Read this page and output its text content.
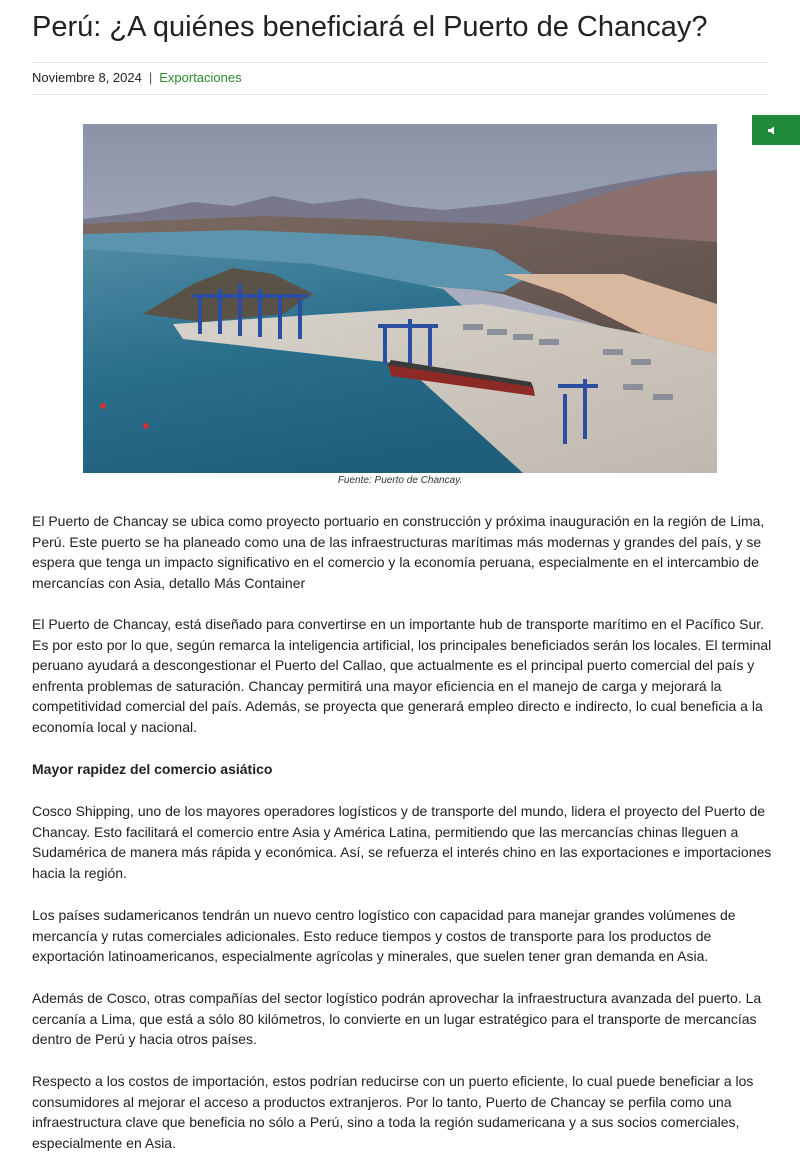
Perú: ¿A quiénes beneficiará el Puerto de Chancay?
Noviembre 8, 2024 | Exportaciones
Fuente: Puerto de Chancay.

El Puerto de Chancay se ubica como proyecto portuario en construcción y próxima inauguración en la región de Lima, Perú. Este puerto se ha planeado como una de las infraestructuras marítimas más modernas y grandes del país, y se espera que tenga un impacto significativo en el comercio y la economía peruana, especialmente en el intercambio de mercancías con Asia, detallo Más Container

El Puerto de Chancay, está diseñado para convertirse en un importante hub de transporte marítimo en el Pacífico Sur. Es por esto por lo que, según remarca la inteligencia artificial, los principales beneficiados serán los locales. El terminal peruano ayudará a descongestionar el Puerto del Callao, que actualmente es el principal puerto comercial del país y enfrenta problemas de saturación. Chancay permitirá una mayor eficiencia en el manejo de carga y mejorará la competitividad comercial del país. Además, se proyecta que generará empleo directo e indirecto, lo cual beneficia a la economía local y nacional.

Mayor rapidez del comercio asiático

Cosco Shipping, uno de los mayores operadores logísticos y de transporte del mundo, lidera el proyecto del Puerto de Chancay. Esto facilitará el comercio entre Asia y América Latina, permitiendo que las mercancías chinas lleguen a Sudamérica de manera más rápida y económica. Así, se refuerza el interés chino en las exportaciones e importaciones hacia la región.

Los países sudamericanos tendrán un nuevo centro logístico con capacidad para manejar grandes volúmenes de mercancía y rutas comerciales adicionales. Esto reduce tiempos y costos de transporte para los productos de exportación latinoamericanos, especialmente agrícolas y minerales, que suelen tener gran demanda en Asia.

Además de Cosco, otras compañías del sector logístico podrán aprovechar la infraestructura avanzada del puerto. La cercanía a Lima, que está a sólo 80 kilómetros, lo convierte en un lugar estratégico para el transporte de mercancías dentro de Perú y hacia otros países.

Respecto a los costos de importación, estos podrían reducirse con un puerto eficiente, lo cual puede beneficiar a los consumidores al mejorar el acceso a productos extranjeros. Por lo tanto, Puerto de Chancay se perfila como una infraestructura clave que beneficia no sólo a Perú, sino a toda la región sudamericana y a sus socios comerciales, especialmente en Asia.
